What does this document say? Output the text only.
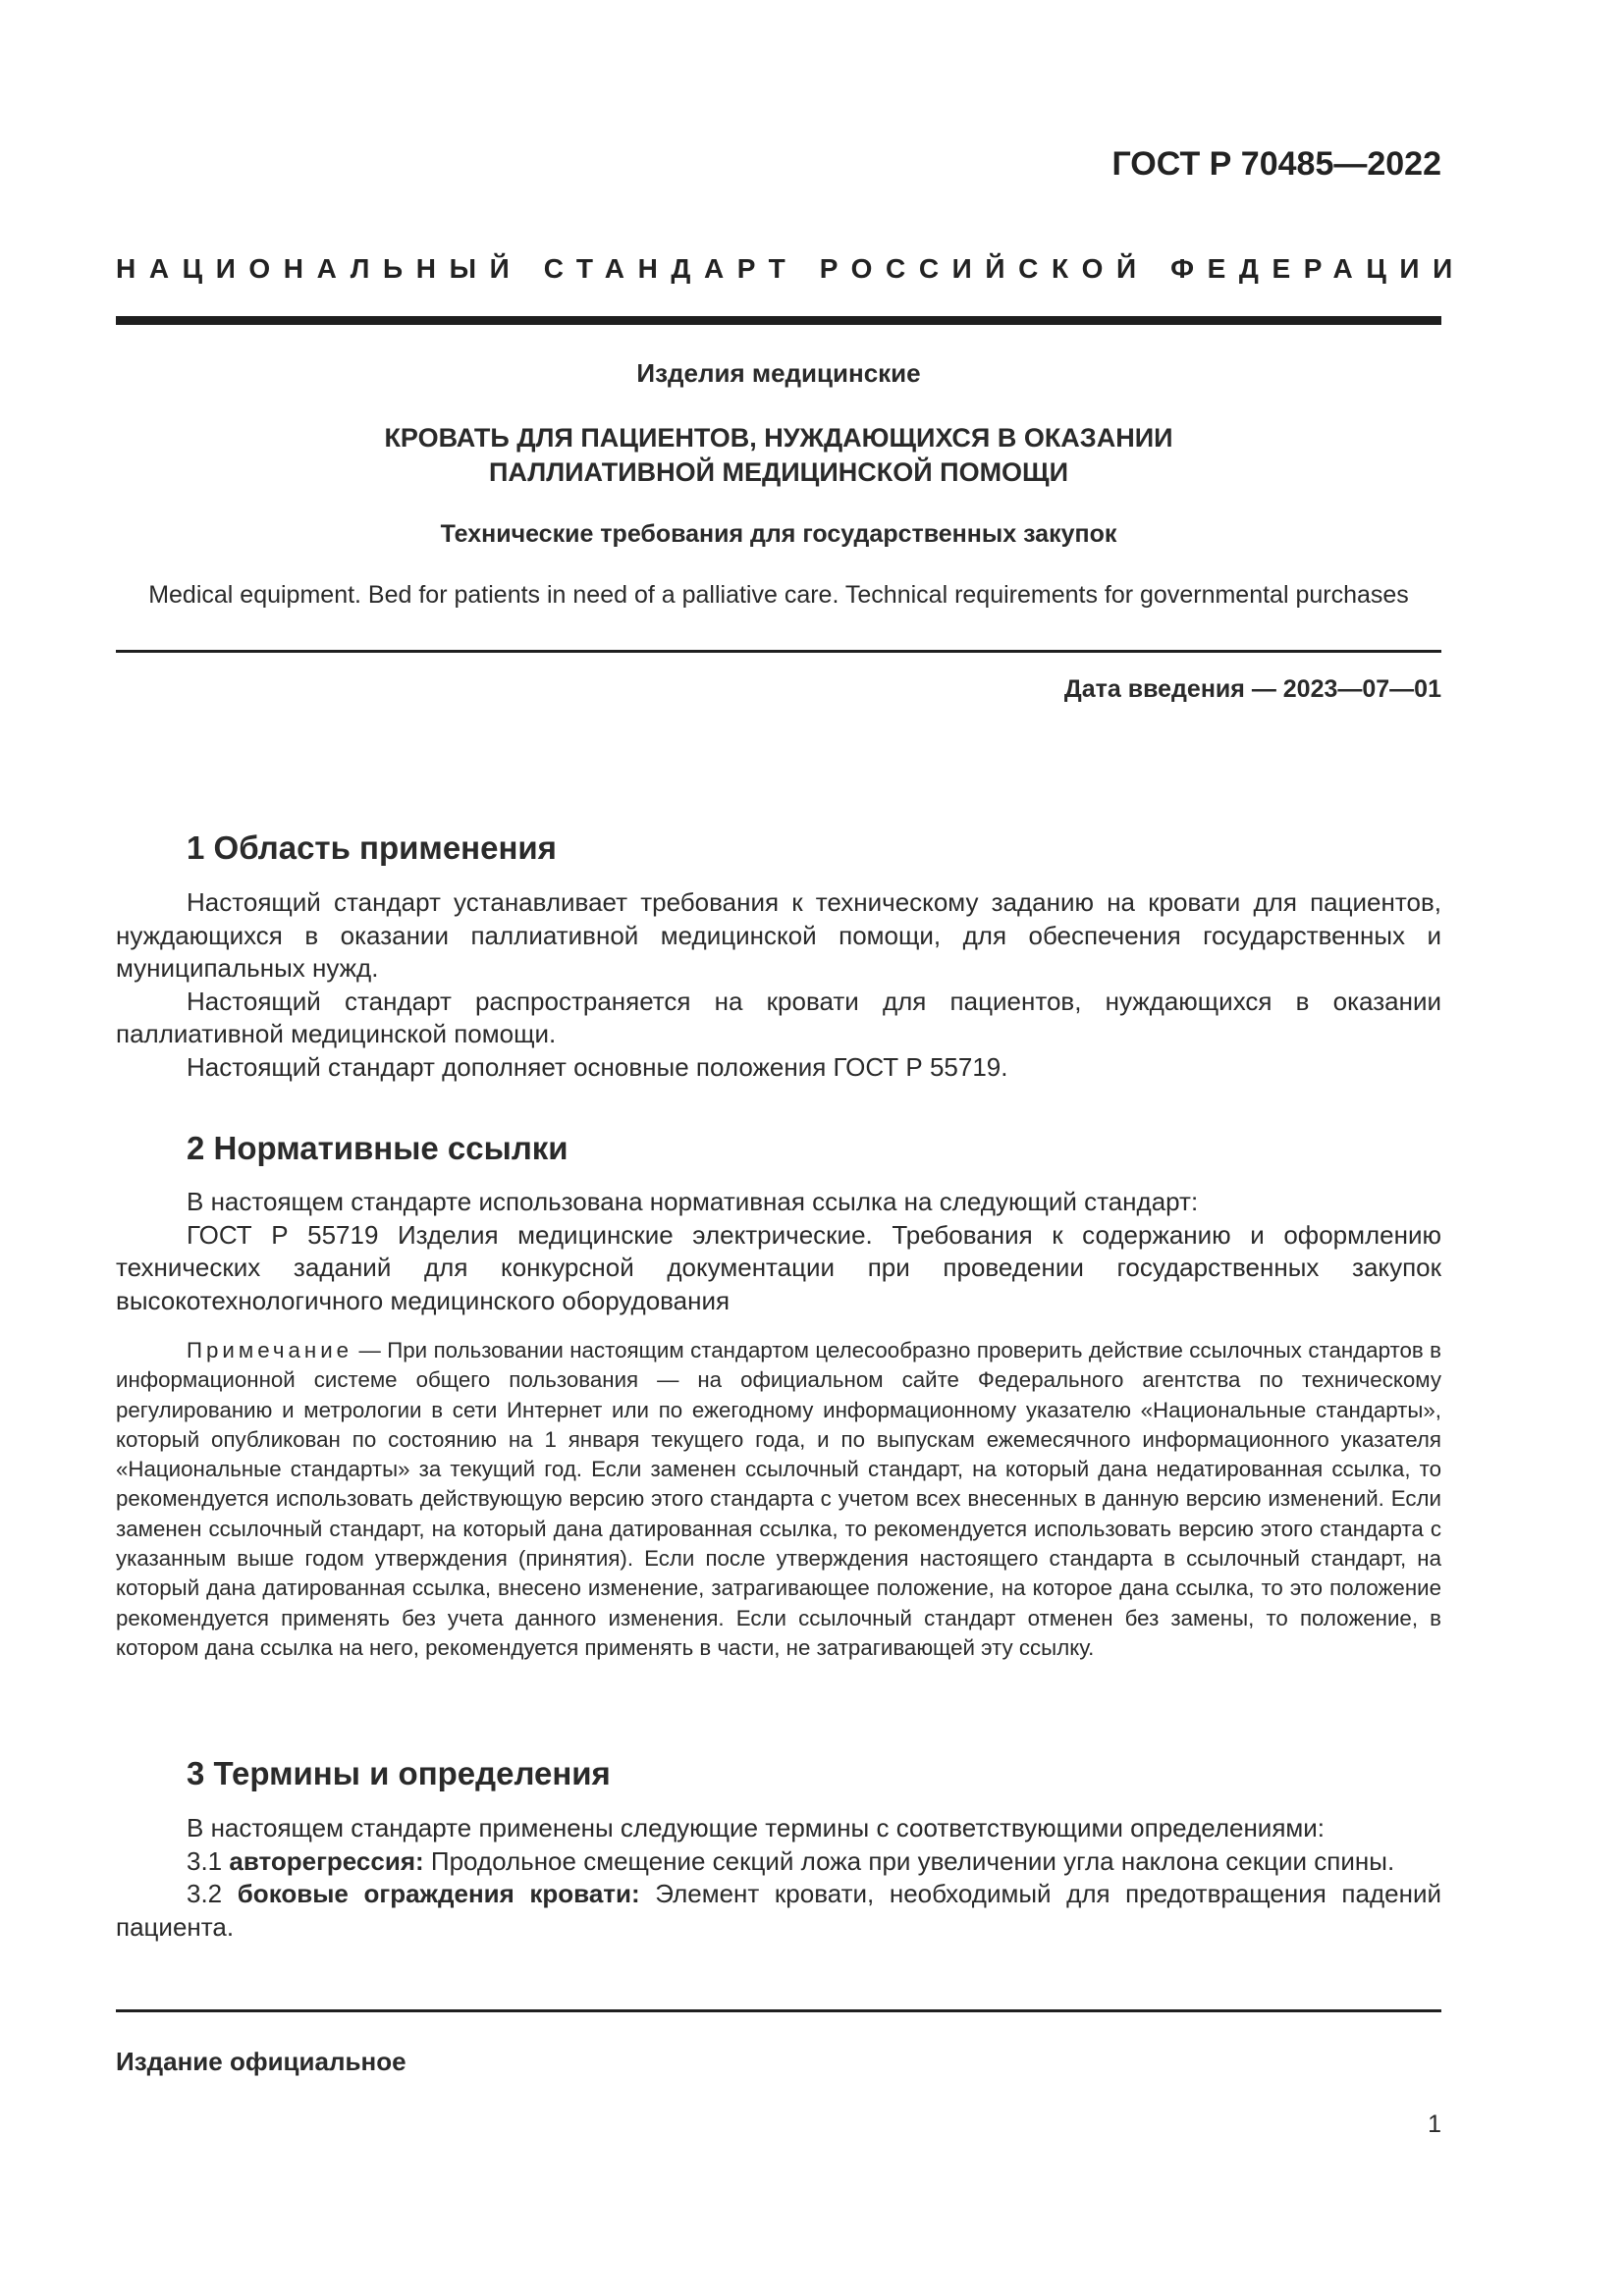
ГОСТ Р 70485—2022
НАЦИОНАЛЬНЫЙ СТАНДАРТ РОССИЙСКОЙ ФЕДЕРАЦИИ
Изделия медицинские
КРОВАТЬ ДЛЯ ПАЦИЕНТОВ, НУЖДАЮЩИХСЯ В ОКАЗАНИИ
ПАЛЛИАТИВНОЙ МЕДИЦИНСКОЙ ПОМОЩИ
Технические требования для государственных закупок
Medical equipment. Bed for patients in need of a palliative care. Technical requirements for governmental purchases
Дата введения — 2023—07—01
1 Область применения

Настоящий стандарт устанавливает требования к техническому заданию на кровати для пациентов, нуждающихся в оказании паллиативной медицинской помощи, для обеспечения государственных и муниципальных нужд.

Настоящий стандарт распространяется на кровати для пациентов, нуждающихся в оказании паллиативной медицинской помощи.

Настоящий стандарт дополняет основные положения ГОСТ Р 55719.

2 Нормативные ссылки

В настоящем стандарте использована нормативная ссылка на следующий стандарт:

ГОСТ Р 55719 Изделия медицинские электрические. Требования к содержанию и оформлению технических заданий для конкурсной документации при проведении государственных закупок высокотехнологичного медицинского оборудования

Примечание — При пользовании настоящим стандартом целесообразно проверить действие ссылочных стандартов в информационной системе общего пользования — на официальном сайте Федерального агентства по техническому регулированию и метрологии в сети Интернет или по ежегодному информационному указателю «Национальные стандарты», который опубликован по состоянию на 1 января текущего года, и по выпускам ежемесячного информационного указателя «Национальные стандарты» за текущий год. Если заменен ссылочный стандарт, на который дана недатированная ссылка, то рекомендуется использовать действующую версию этого стандарта с учетом всех внесенных в данную версию изменений. Если заменен ссылочный стандарт, на который дана датированная ссылка, то рекомендуется использовать версию этого стандарта с указанным выше годом утверждения (принятия). Если после утверждения настоящего стандарта в ссылочный стандарт, на который дана датированная ссылка, внесено изменение, затрагивающее положение, на которое дана ссылка, то это положение рекомендуется применять без учета данного изменения. Если ссылочный стандарт отменен без замены, то положение, в котором дана ссылка на него, рекомендуется применять в части, не затрагивающей эту ссылку.

3 Термины и определения

В настоящем стандарте применены следующие термины с соответствующими определениями:

3.1 авторегрессия: Продольное смещение секций ложа при увеличении угла наклона секции спины.

3.2 боковые ограждения кровати: Элемент кровати, необходимый для предотвращения падений пациента.

Издание официальное
1
